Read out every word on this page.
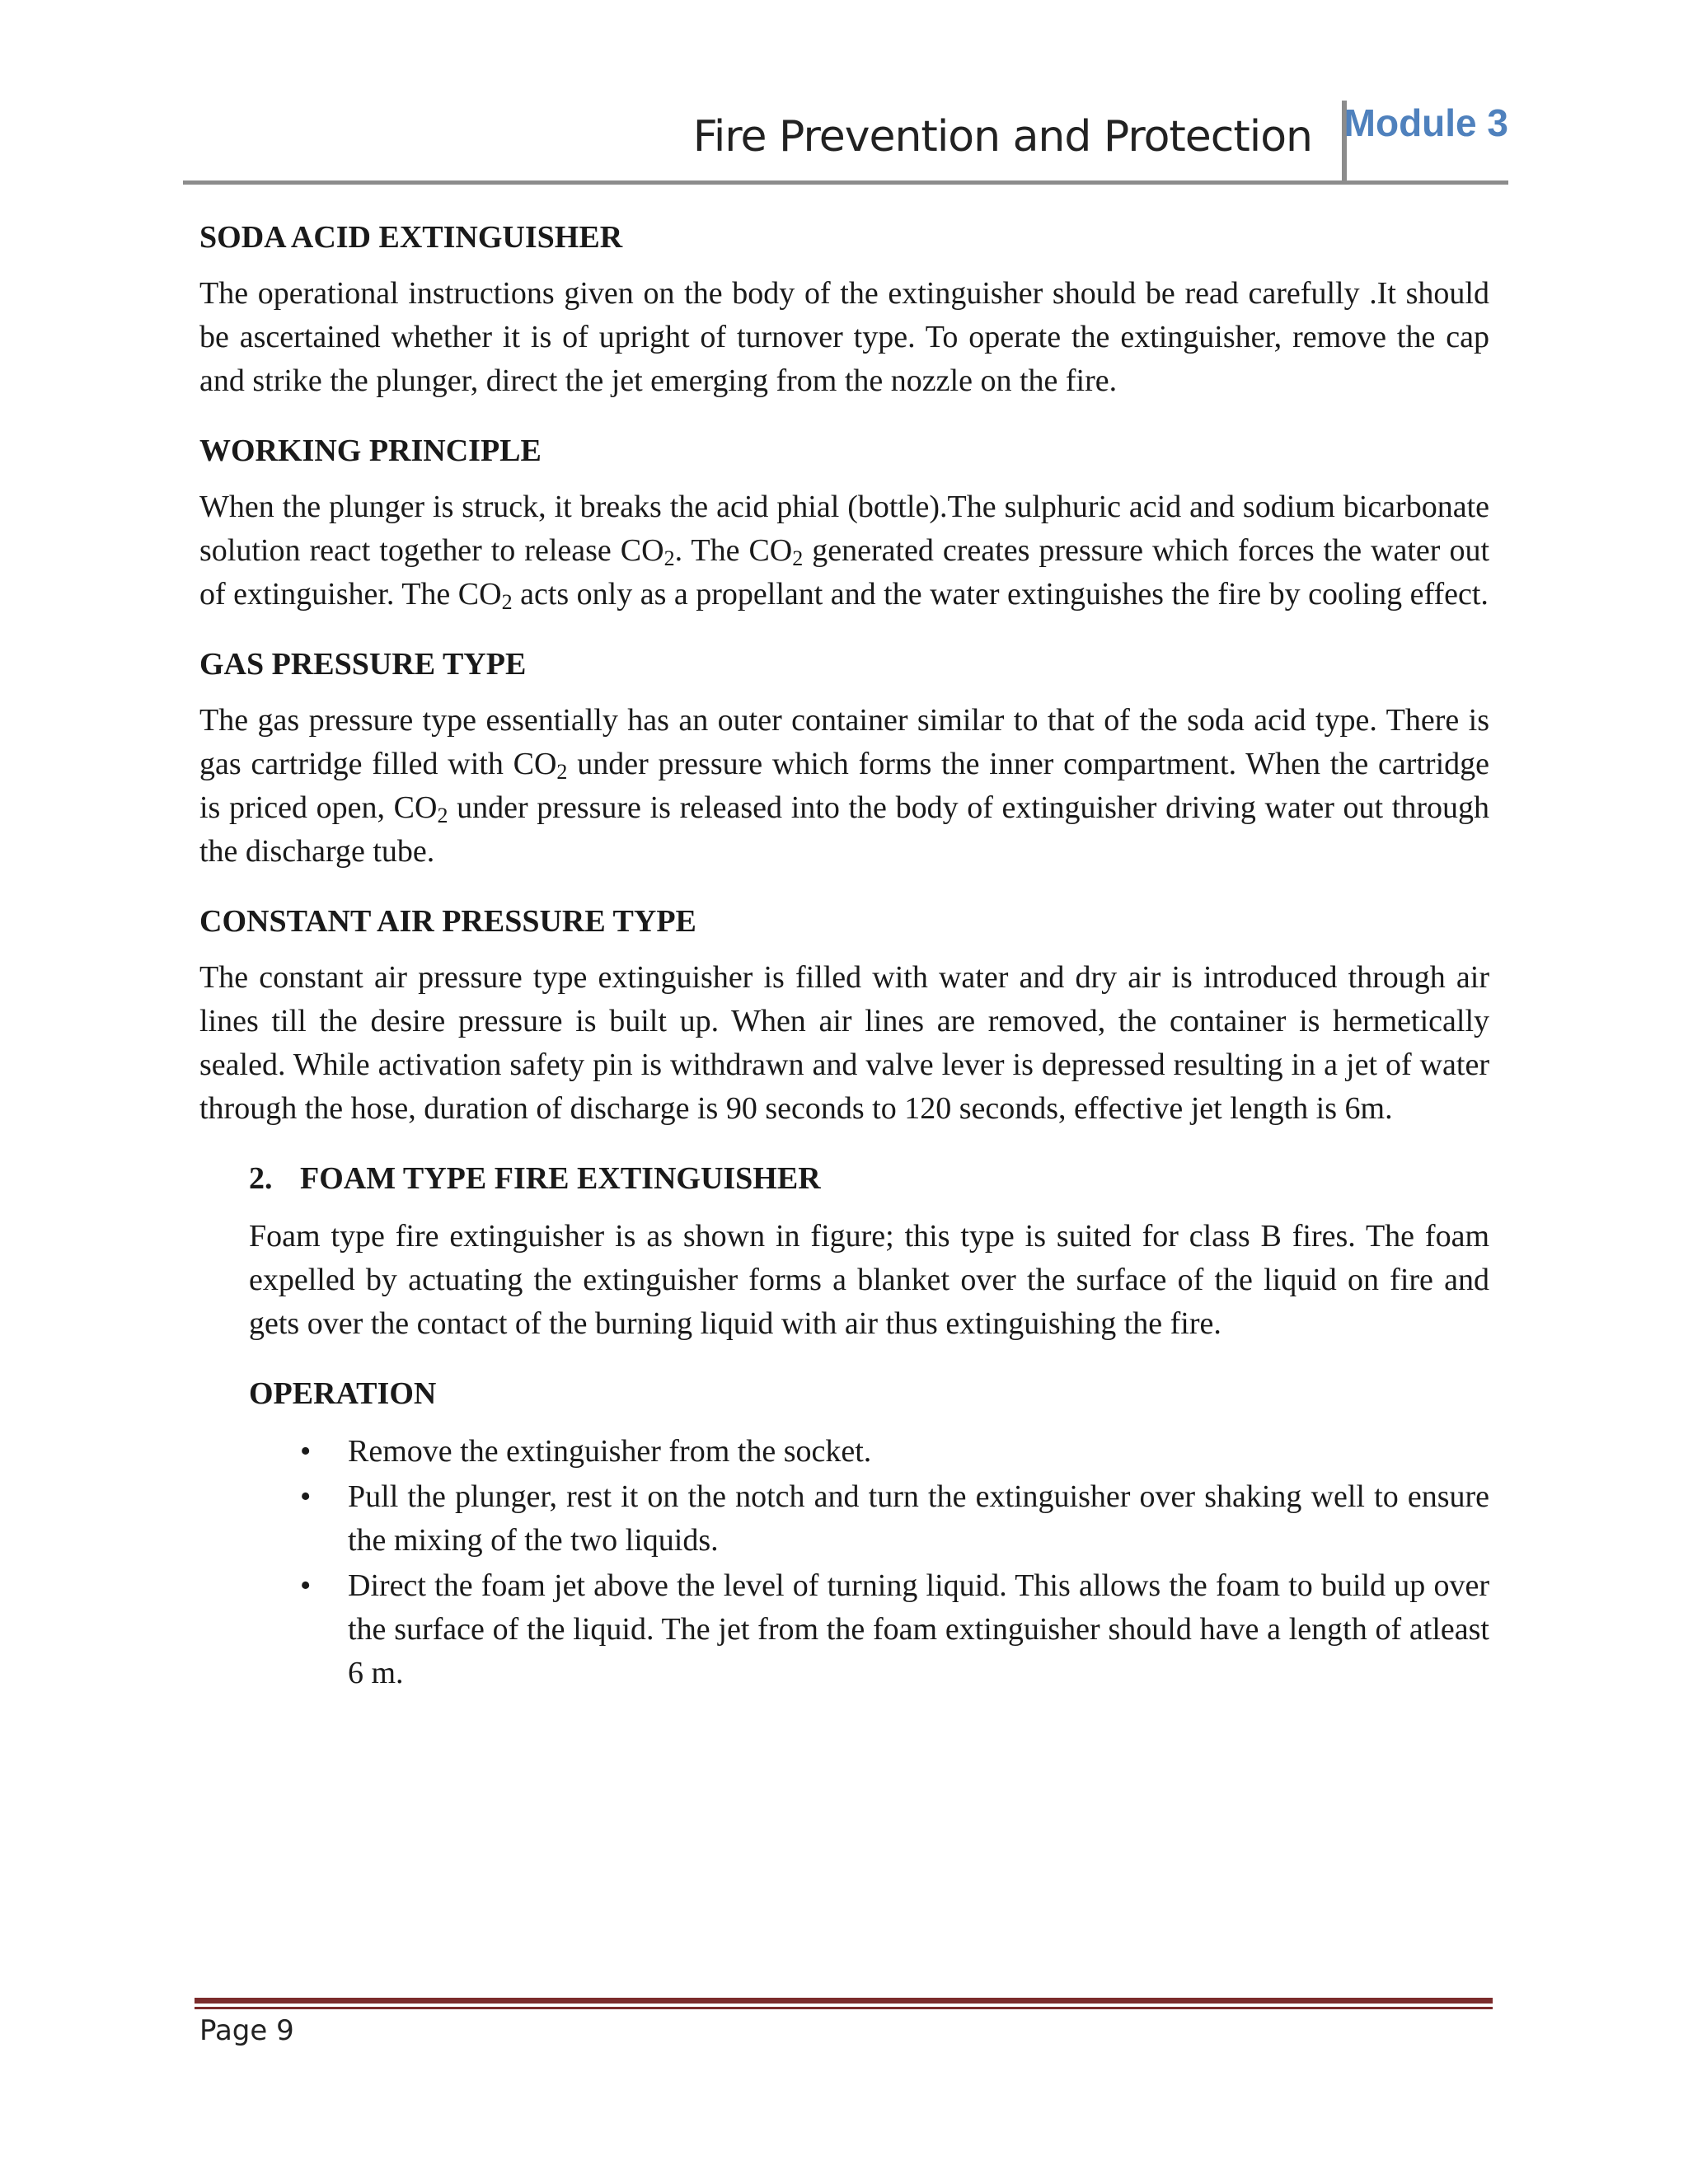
Fire Prevention and Protection Module 3
SODA ACID EXTINGUISHER

The operational instructions given on the body of the extinguisher should be read carefully .It should be ascertained whether it is of upright of turnover type. To operate the extinguisher, remove the cap and strike the plunger, direct the jet emerging from the nozzle on the fire.

WORKING PRINCIPLE

When the plunger is struck, it breaks the acid phial (bottle).The sulphuric acid and sodium bicarbonate solution react together to release $CO_2$. The $CO_2$ generated creates pressure which forces the water out of extinguisher. The $CO_2$ acts only as a propellant and the water extinguishes the fire by cooling effect.

GAS PRESSURE TYPE

The gas pressure type essentially has an outer container similar to that of the soda acid type. There is gas cartridge filled with $CO_2$ under pressure which forms the inner compartment. When the cartridge is priced open, $CO_2$ under pressure is released into the body of extinguisher driving water out through the discharge tube.

CONSTANT AIR PRESSURE TYPE

The constant air pressure type extinguisher is filled with water and dry air is introduced through air lines till the desire pressure is built up. When air lines are removed, the container is hermetically sealed. While activation safety pin is withdrawn and valve lever is depressed resulting in a jet of water through the hose, duration of discharge is 90 seconds to 120 seconds, effective jet length is 6m.

2. FOAM TYPE FIRE EXTINGUISHER

Foam type fire extinguisher is as shown in figure; this type is suited for class B fires. The foam expelled by actuating the extinguisher forms a blanket over the surface of the liquid on fire and gets over the contact of the burning liquid with air thus extinguishing the fire.

OPERATION
• Remove the extinguisher from the socket.
• Pull the plunger, rest it on the notch and turn the extinguisher over shaking well to ensure the mixing of the two liquids.
• Direct the foam jet above the level of turning liquid. This allows the foam to build up over the surface of the liquid. The jet from the foam extinguisher should have a length of atleast 6 m.
Page 9
